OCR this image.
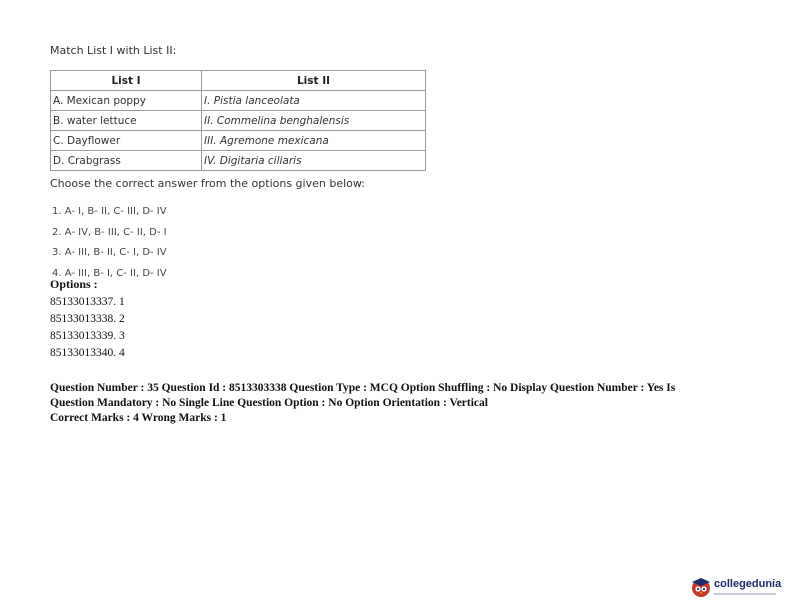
Match List I with List II:
List I	List II
A. Mexican poppy	I. Pistia lanceolata
B. water lettuce	II. Commelina benghalensis
C. Dayflower	III. Agremone mexicana
D. Crabgrass	IV. Digitaria ciliaris
Choose the correct answer from the options given below:
1. A- I, B- II, C- III, D- IV
2. A- IV, B- III, C- II, D- I
3. A- III, B- II, C- I, D- IV
4. A- III, B- I, C- II, D- IV
Options :
85133013337. 1
85133013338. 2
85133013339. 3
85133013340. 4
Question Number : 35 Question Id : 8513303338 Question Type : MCQ Option Shuffling : No Display Question Number : Yes Is
Question Mandatory : No Single Line Question Option : No Option Orientation : Vertical
Correct Marks : 4 Wrong Marks : 1
collegedunia
